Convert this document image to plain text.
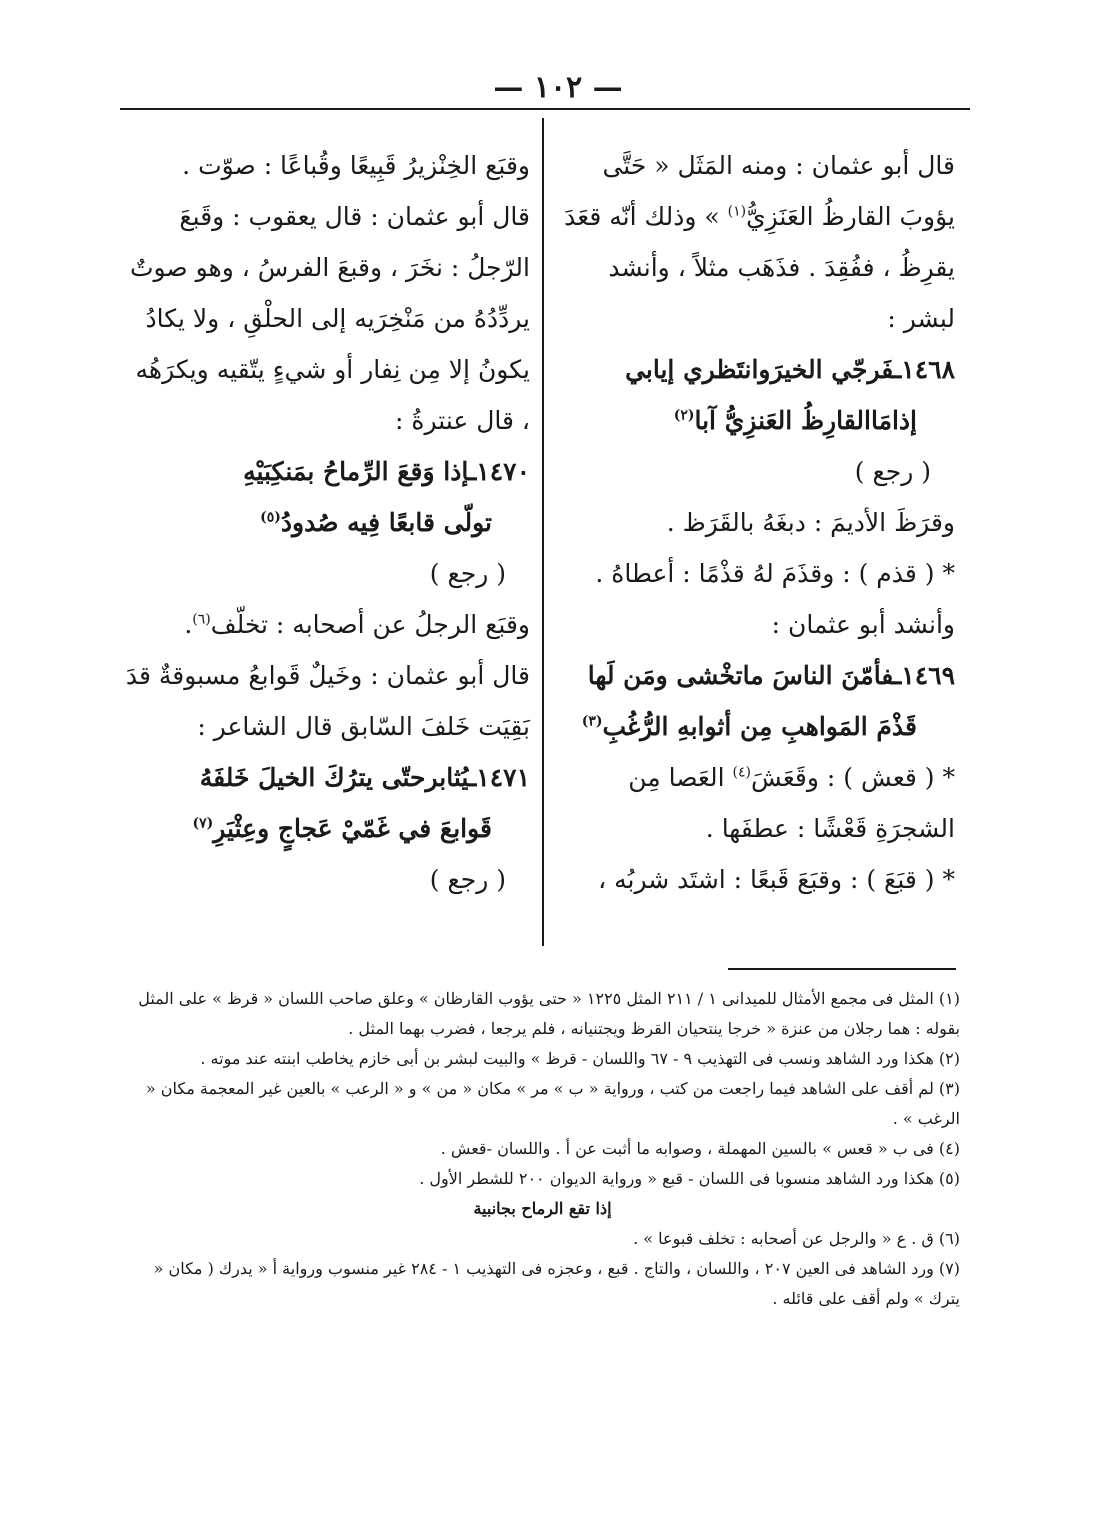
— ١٠٢ —

قال أبو عثمان : ومنه المَثَل « حَتَّى يؤوبَ القارظُ العَنَزِيُّ$^{(١)}$ » وذلك أنّه قعَدَ يقرِظُ ، ففُقِدَ . فذَهَب مثلاً ، وأنشد لبشر :

١٤٦٨ـفَرجّي الخيرَوانتَظري إيابي

إذامَاالقارِظُ العَنزِيُّ آبا$^{(٢)}$

( رجع )

وقرَظَ الأديمَ : دبغَهُ بالقَرَظ .

* ( قذم ) : وقذَمَ لهُ قذْمًا : أعطاهُ .

وأنشد أبو عثمان :

١٤٦٩ـفأمّنَ الناسَ ماتخْشى ومَن لَها

قَذْمَ المَواهبِ مِن أثوابهِ الرُّغُبِ$^{(٣)}$

* ( قعش ) : وقَعَشَ$^{(٤)}$ العَصا مِن الشجرَةِ قَعْشًا : عطفَها .

* ( قبَعَ ) : وقبَعَ قَبعًا : اشتَد شربُه ،

وقبَع الخِنْزيرُ قَبِيعًا وقُباعًا : صوّت .

قال أبو عثمان : قال يعقوب : وقَبعَ الرّجلُ : نخَرَ ، وقبعَ الفرسُ ، وهو صوتٌ يردِّدُهُ من مَنْخِرَيه إلى الحلْقِ ، ولا يكادُ يكونُ إلا مِن نِفار أو شيءٍ يتّقيه ويكرَهُه ، قال عنترةُ :

١٤٧٠ـإذا وَقعَ الرِّماحُ بمَنكِبَيْهِ

تولّى قابعًا فِيه صُدودُ$^{(٥)}$

( رجع )

وقبَع الرجلُ عن أصحابه : تخلّف$^{(٦)}$.

قال أبو عثمان : وخَيلٌ قَوابعُ مسبوقةٌ قدَ بَقِيَت خَلفَ السّابق قال الشاعر :

١٤٧١ـيُثابرحتّى يترُكَ الخيلَ خَلفَهُ

قَوابعَ في غَمّيْ عَجاجٍ وعِثْيَرِ$^{(٧)}$

( رجع )

(١) المثل فى مجمع الأمثال للميدانى ١ / ٢١١ المثل ١٢٢٥ « حتى يؤوب القارظان » وعلق صاحب اللسان « قرظ » على المثل بقوله : هما رجلان من عنزة « خرجا ينتحيان القرظ ويجتنيانه ، فلم يرجعا ، فضرب بهما المثل .

(٢) هكذا ورد الشاهد ونسب فى التهذيب ٩ - ٦٧ واللسان - قرظ » والبيت لبشر بن أبى خازم يخاطب ابنته عند موته .

(٣) لم أقف على الشاهد فيما راجعت من كتب ، ورواية « ب » مر » مكان « من » و « الرعب » بالعين غير المعجمة مكان « الرغب » .

(٤) فى ب « قعس » بالسين المهملة ، وصوابه ما أثبت عن أ . واللسان -قعش .

(٥) هكذا ورد الشاهد منسوبا فى اللسان - قبع « ورواية الديوان ٢٠٠ للشطر الأول .

إذا تقع الرماح بجانبية

(٦) ق . ع « والرجل عن أصحابه : تخلف قبوعا » .

(٧) ورد الشاهد فى العين ٢٠٧ ، واللسان ، والتاج . قبع ، وعجزه فى التهذيب ١ - ٢٨٤ غير منسوب ورواية أ « يدرك ( مكان « يترك » ولم أقف على قائله .
